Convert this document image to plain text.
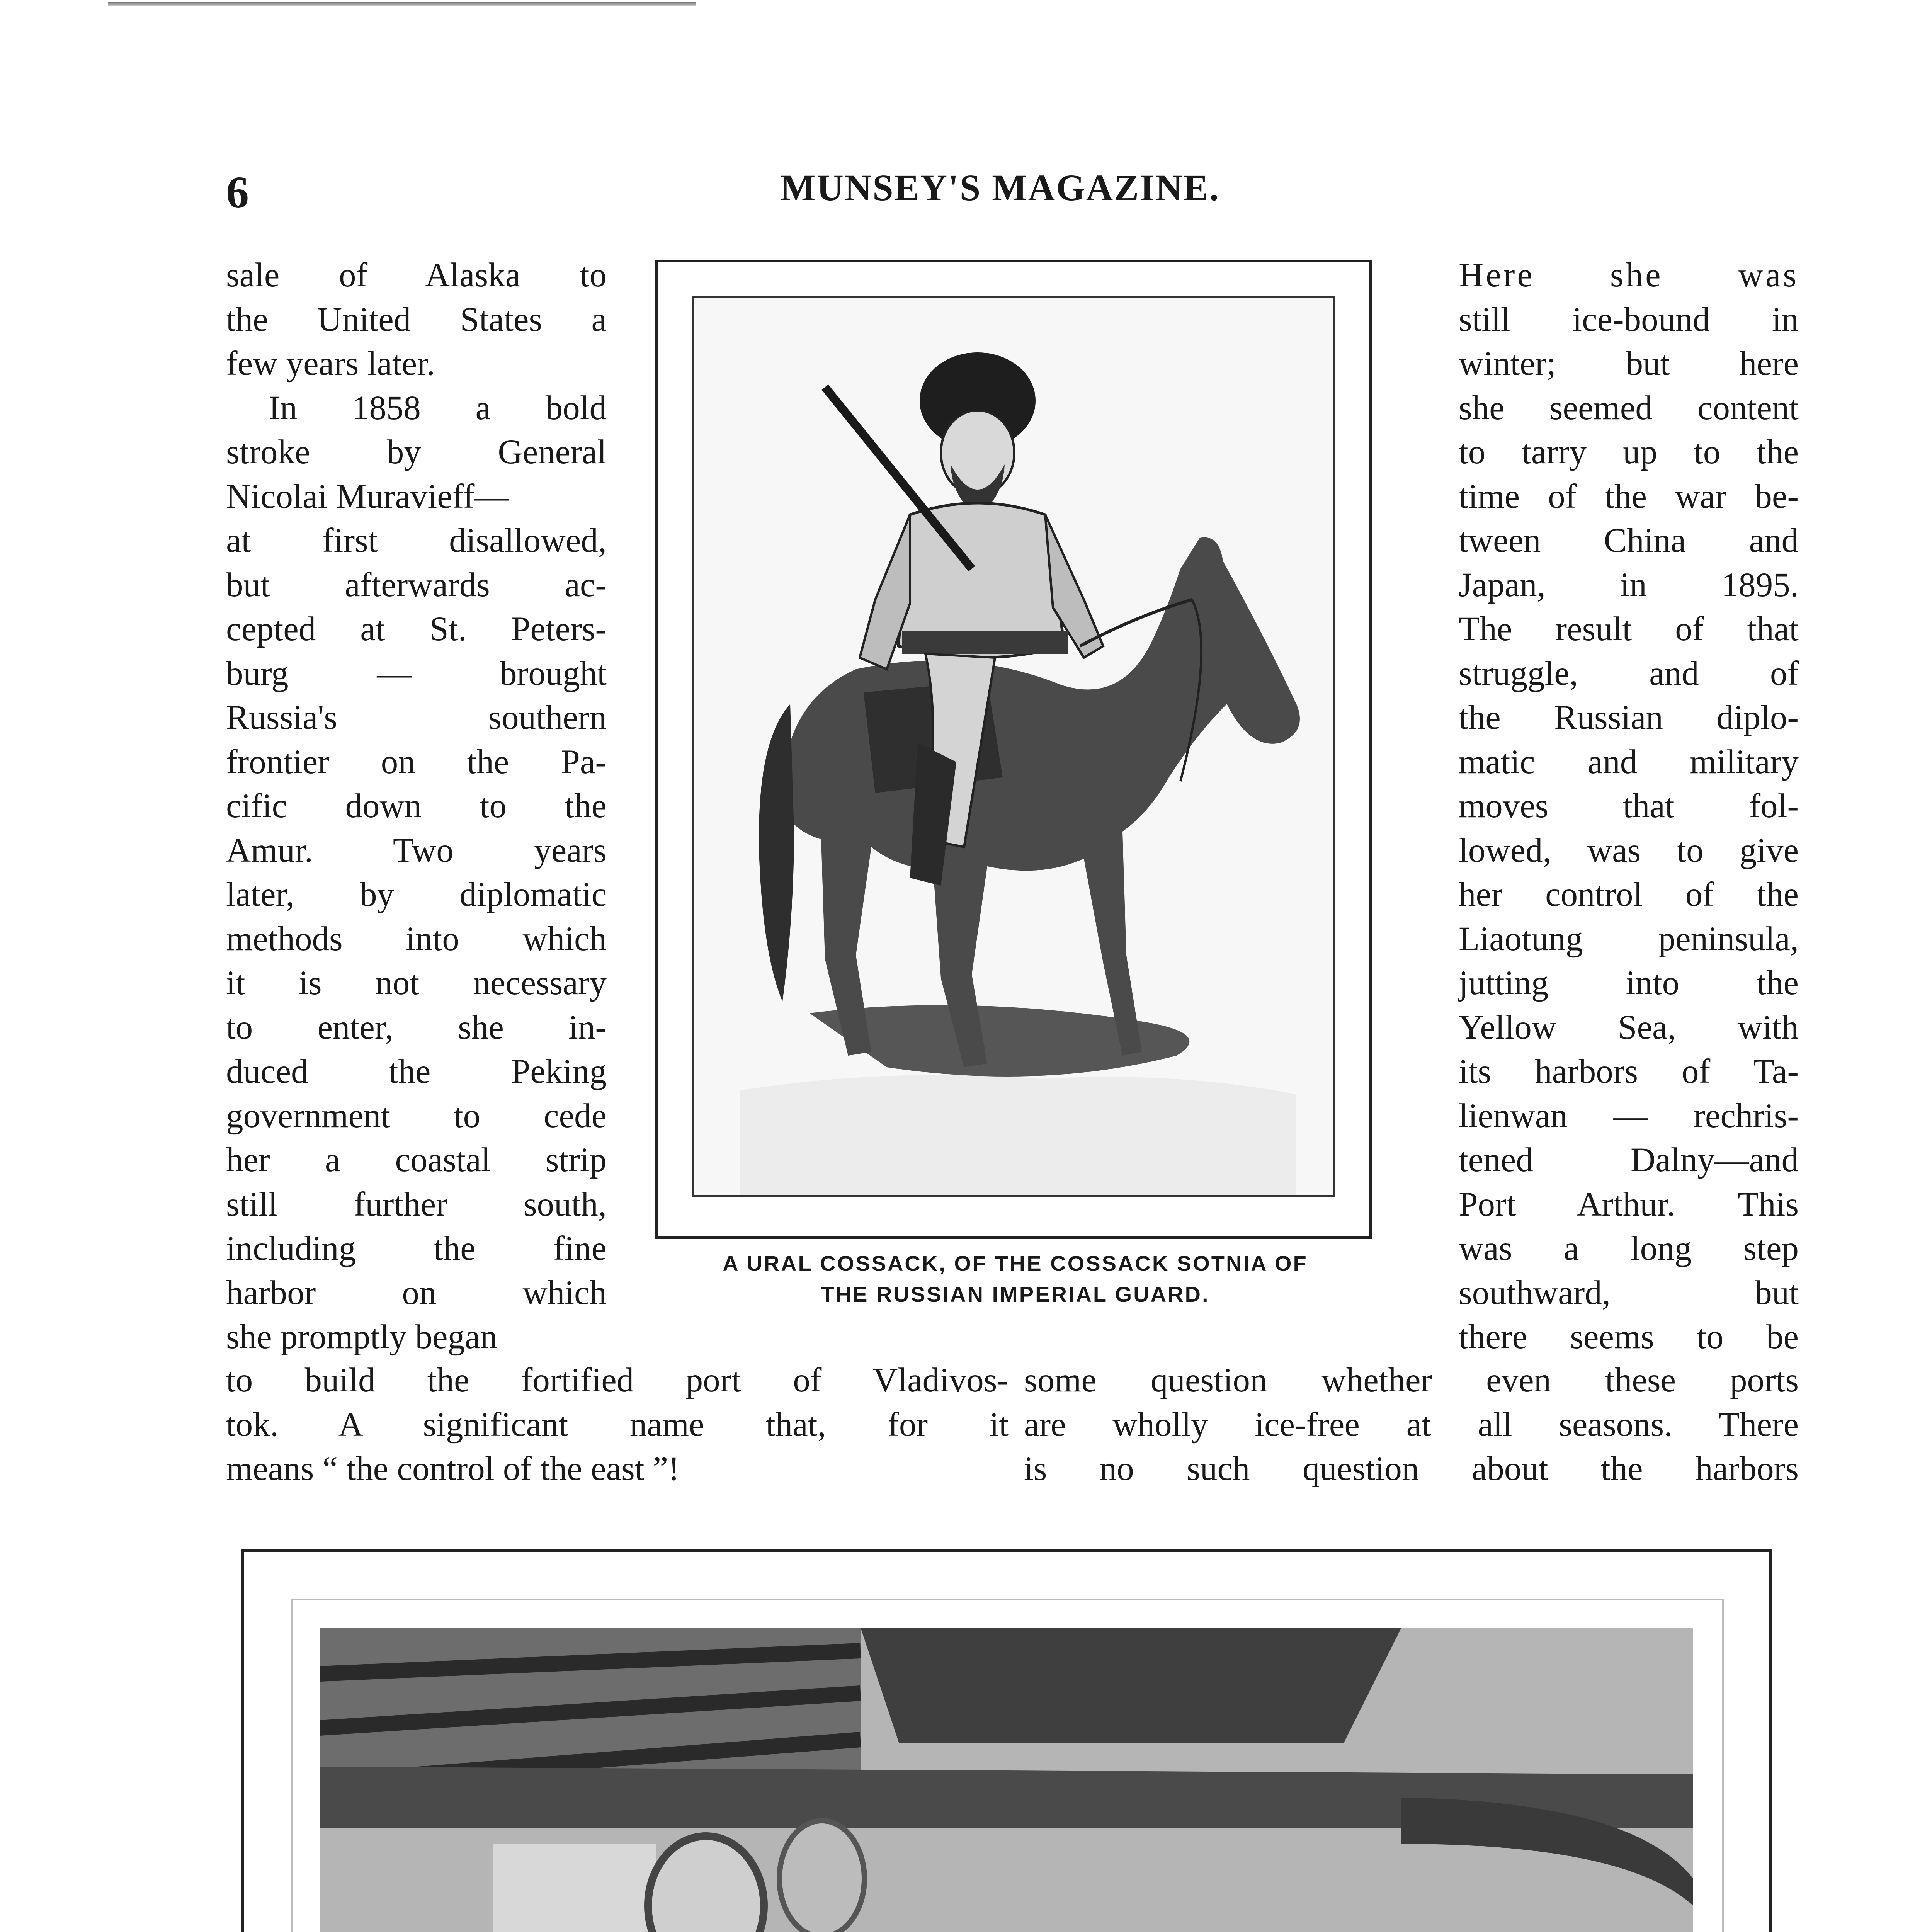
6	MUNSEY'S MAGAZINE.
sale of Alaska to
the United States a
few years later.
In 1858 a bold
stroke by General
Nicolai Muravieff—
at first disallowed,
but afterwards ac-
cepted at St. Peters-
burg — brought
Russia's southern
frontier on the Pa-
cific down to the
Amur. Two years
later, by diplomatic
methods into which
it is not necessary
to enter, she in-
duced the Peking
government to cede
her a coastal strip
still further south,
including the fine
harbor on which
she promptly began
Here she was
still ice-bound in
winter; but here
she seemed content
to tarry up to the
time of the war be-
tween China and
Japan, in 1895.
The result of that
struggle, and of
the Russian diplo-
matic and military
moves that fol-
lowed, was to give
her control of the
Liaotung peninsula,
jutting into the
Yellow Sea, with
its harbors of Ta-
lienwan — rechris-
tened Dalny—and
Port Arthur. This
was a long step
southward, but
there seems to be
A URAL COSSACK, OF THE COSSACK SOTNIA OF
THE RUSSIAN IMPERIAL GUARD.
to build the fortified port of Vladivos-
tok. A significant name that, for it
means “ the control of the east ”!
some question whether even these ports
are wholly ice-free at all seasons. There
is no such question about the harbors
